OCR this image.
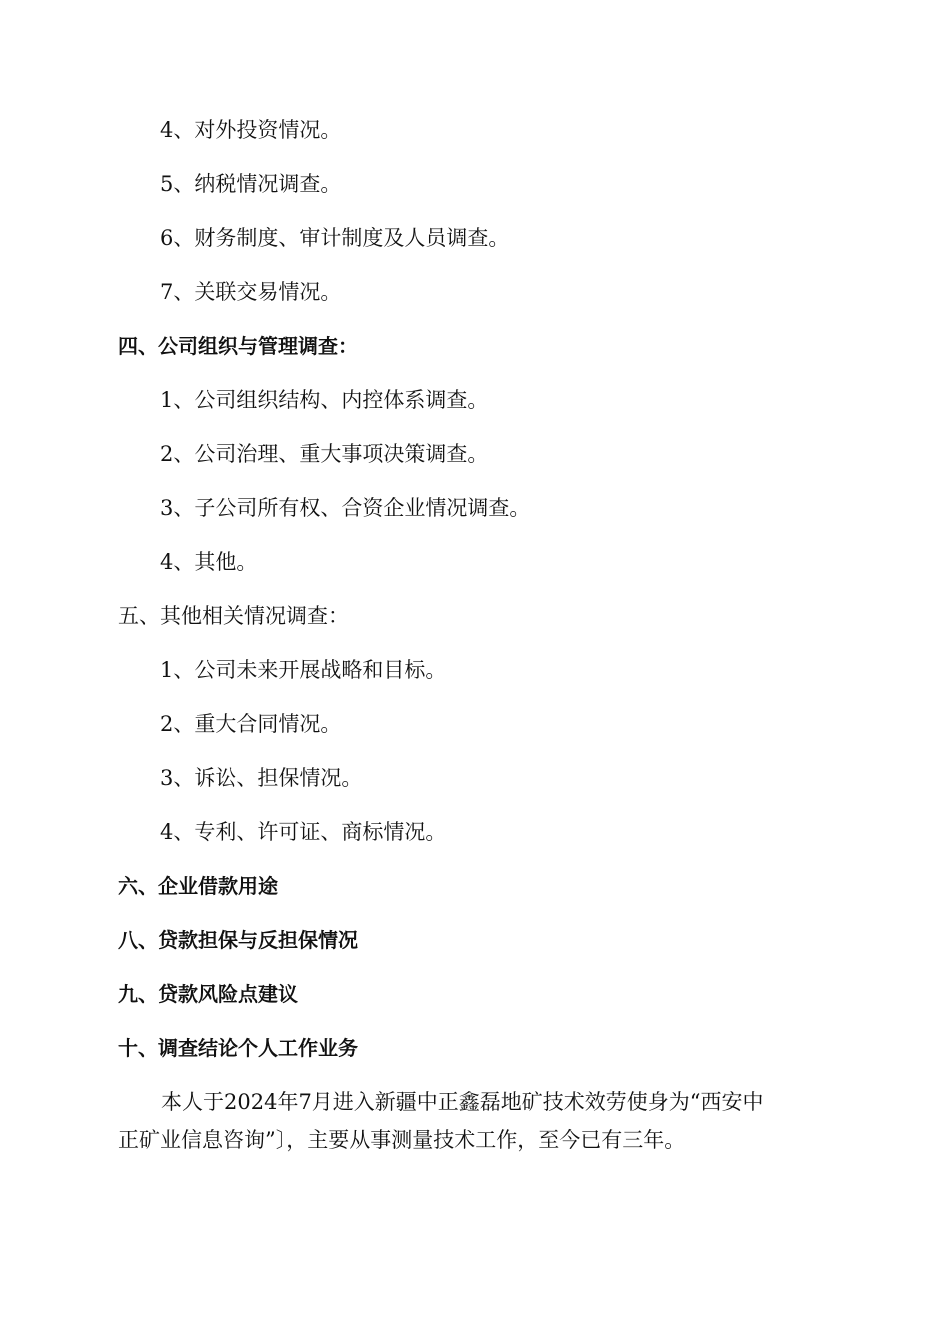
4、对外投资情况。
5、纳税情况调查。
6、财务制度、审计制度及人员调查。
7、关联交易情况。
四、公司组织与管理调查：
1、公司组织结构、内控体系调查。
2、公司治理、重大事项决策调查。
3、子公司所有权、合资企业情况调查。
4、其他。
五、其他相关情况调查：
1、公司未来开展战略和目标。
2、重大合同情况。
3、诉讼、担保情况。
4、专利、许可证、商标情况。
六、企业借款用途
八、贷款担保与反担保情况
九、贷款风险点建议
十、调查结论个人工作业务
本人于2024年7月进入新疆中正鑫磊地矿技术效劳使身为“西安中
正矿业信息咨询”〕，主要从事测量技术工作，至今已有三年。
